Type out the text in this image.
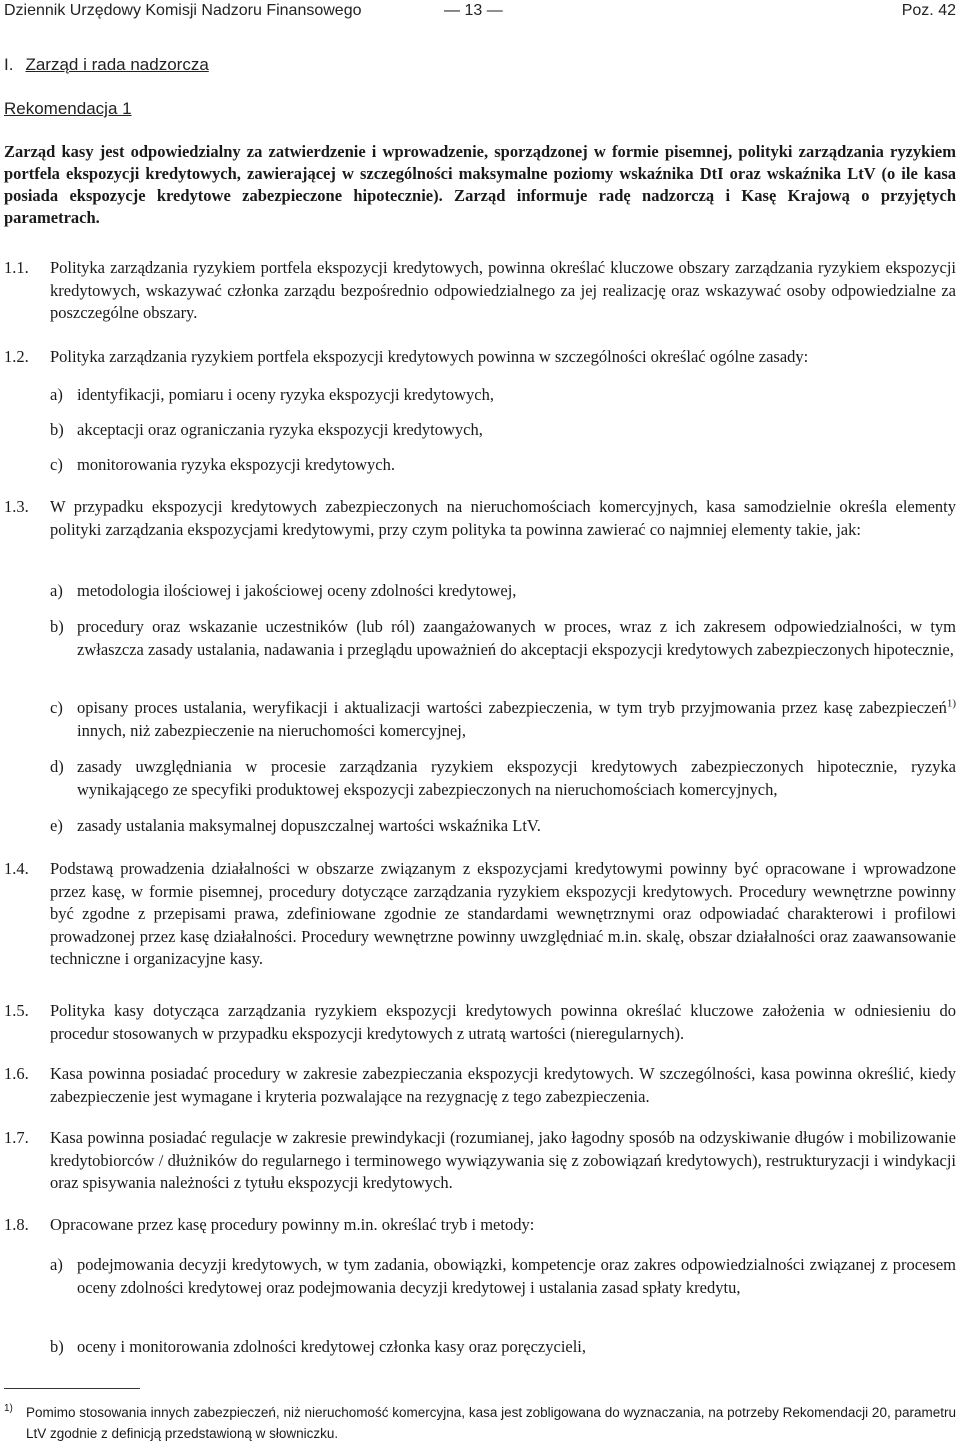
Dziennik Urzędowy Komisji Nadzoru Finansowego	— 13 —	Poz. 42
I. Zarząd i rada nadzorcza
Rekomendacja 1
Zarząd kasy jest odpowiedzialny za zatwierdzenie i wprowadzenie, sporządzonej w formie pisemnej, polityki zarządzania ryzykiem portfela ekspozycji kredytowych, zawierającej w szczególności maksymalne poziomy wskaźnika DtI oraz wskaźnika LtV (o ile kasa posiada ekspozycje kredytowe zabezpieczone hipotecznie). Zarząd informuje radę nadzorczą i Kasę Krajową o przyjętych parametrach.
1.1. Polityka zarządzania ryzykiem portfela ekspozycji kredytowych, powinna określać kluczowe obszary zarządzania ryzykiem ekspozycji kredytowych, wskazywać członka zarządu bezpośrednio odpowiedzialnego za jej realizację oraz wskazywać osoby odpowiedzialne za poszczególne obszary.
1.2. Polityka zarządzania ryzykiem portfela ekspozycji kredytowych powinna w szczególności określać ogólne zasady:
a) identyfikacji, pomiaru i oceny ryzyka ekspozycji kredytowych,
b) akceptacji oraz ograniczania ryzyka ekspozycji kredytowych,
c) monitorowania ryzyka ekspozycji kredytowych.
1.3. W przypadku ekspozycji kredytowych zabezpieczonych na nieruchomościach komercyjnych, kasa samodzielnie określa elementy polityki zarządzania ekspozycjami kredytowymi, przy czym polityka ta powinna zawierać co najmniej elementy takie, jak:
a) metodologia ilościowej i jakościowej oceny zdolności kredytowej,
b) procedury oraz wskazanie uczestników (lub ról) zaangażowanych w proces, wraz z ich zakresem odpowiedzialności, w tym zwłaszcza zasady ustalania, nadawania i przeglądu upoważnień do akceptacji ekspozycji kredytowych zabezpieczonych hipotecznie,
c) opisany proces ustalania, weryfikacji i aktualizacji wartości zabezpieczenia, w tym tryb przyjmowania przez kasę zabezpieczeń$^{1)}$ innych, niż zabezpieczenie na nieruchomości komercyjnej,
d) zasady uwzględniania w procesie zarządzania ryzykiem ekspozycji kredytowych zabezpieczonych hipotecznie, ryzyka wynikającego ze specyfiki produktowej ekspozycji zabezpieczonych na nieruchomościach komercyjnych,
e) zasady ustalania maksymalnej dopuszczalnej wartości wskaźnika LtV.
1.4. Podstawą prowadzenia działalności w obszarze związanym z ekspozycjami kredytowymi powinny być opracowane i wprowadzone przez kasę, w formie pisemnej, procedury dotyczące zarządzania ryzykiem ekspozycji kredytowych. Procedury wewnętrzne powinny być zgodne z przepisami prawa, zdefiniowane zgodnie ze standardami wewnętrznymi oraz odpowiadać charakterowi i profilowi prowadzonej przez kasę działalności. Procedury wewnętrzne powinny uwzględniać m.in. skalę, obszar działalności oraz zaawansowanie techniczne i organizacyjne kasy.
1.5. Polityka kasy dotycząca zarządzania ryzykiem ekspozycji kredytowych powinna określać kluczowe założenia w odniesieniu do procedur stosowanych w przypadku ekspozycji kredytowych z utratą wartości (nieregularnych).
1.6. Kasa powinna posiadać procedury w zakresie zabezpieczania ekspozycji kredytowych. W szczególności, kasa powinna określić, kiedy zabezpieczenie jest wymagane i kryteria pozwalające na rezygnację z tego zabezpieczenia.
1.7. Kasa powinna posiadać regulacje w zakresie prewindykacji (rozumianej, jako łagodny sposób na odzyskiwanie długów i mobilizowanie kredytobiorców / dłużników do regularnego i terminowego wywiązywania się z zobowiązań kredytowych), restrukturyzacji i windykacji oraz spisywania należności z tytułu ekspozycji kredytowych.
1.8. Opracowane przez kasę procedury powinny m.in. określać tryb i metody:
a) podejmowania decyzji kredytowych, w tym zadania, obowiązki, kompetencje oraz zakres odpowiedzialności związanej z procesem oceny zdolności kredytowej oraz podejmowania decyzji kredytowej i ustalania zasad spłaty kredytu,
b) oceny i monitorowania zdolności kredytowej członka kasy oraz poręczycieli,
1) Pomimo stosowania innych zabezpieczeń, niż nieruchomość komercyjna, kasa jest zobligowana do wyznaczania, na potrzeby Rekomendacji 20, parametru LtV zgodnie z definicją przedstawioną w słowniczku.
